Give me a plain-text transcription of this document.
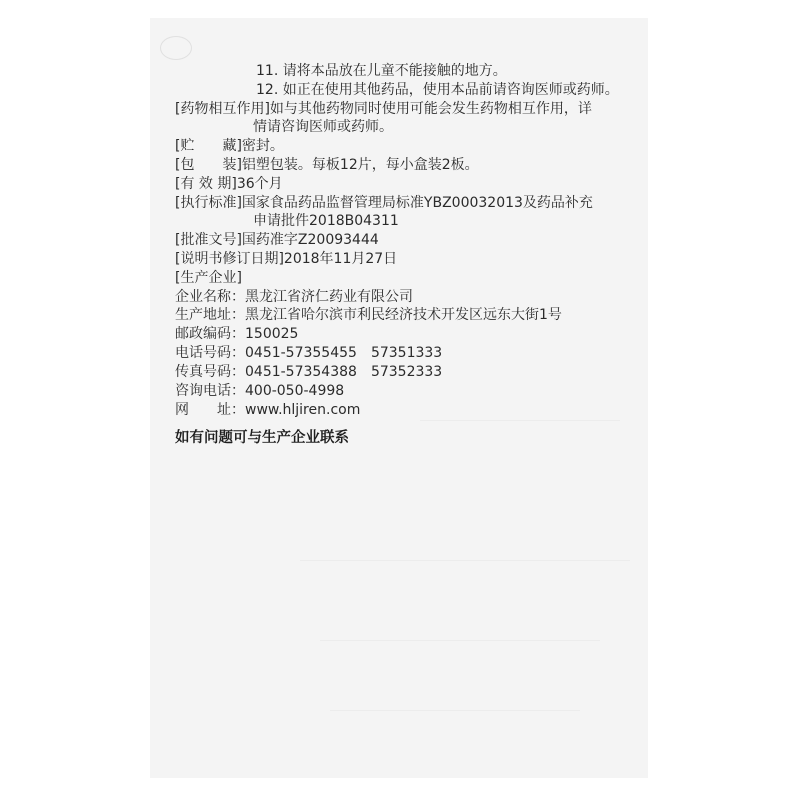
11. 请将本品放在儿童不能接触的地方。
12. 如正在使用其他药品，使用本品前请咨询医师或药师。
[药物相互作用]如与其他药物同时使用可能会发生药物相互作用，详
情请咨询医师或药师。
[贮　　藏]密封。
[包　　装]铝塑包装。每板12片，每小盒装2板。
[有 效 期]36个月
[执行标准]国家食品药品监督管理局标准YBZ00032013及药品补充
申请批件2018B04311
[批准文号]国药准字Z20093444
[说明书修订日期]2018年11月27日
[生产企业]
企业名称：黑龙江省济仁药业有限公司
生产地址：黑龙江省哈尔滨市利民经济技术开发区远东大街1号
邮政编码：150025
电话号码：0451-57355455　57351333
传真号码：0451-57354388　57352333
咨询电话：400-050-4998
网　　址：www.hljiren.com
如有问题可与生产企业联系
